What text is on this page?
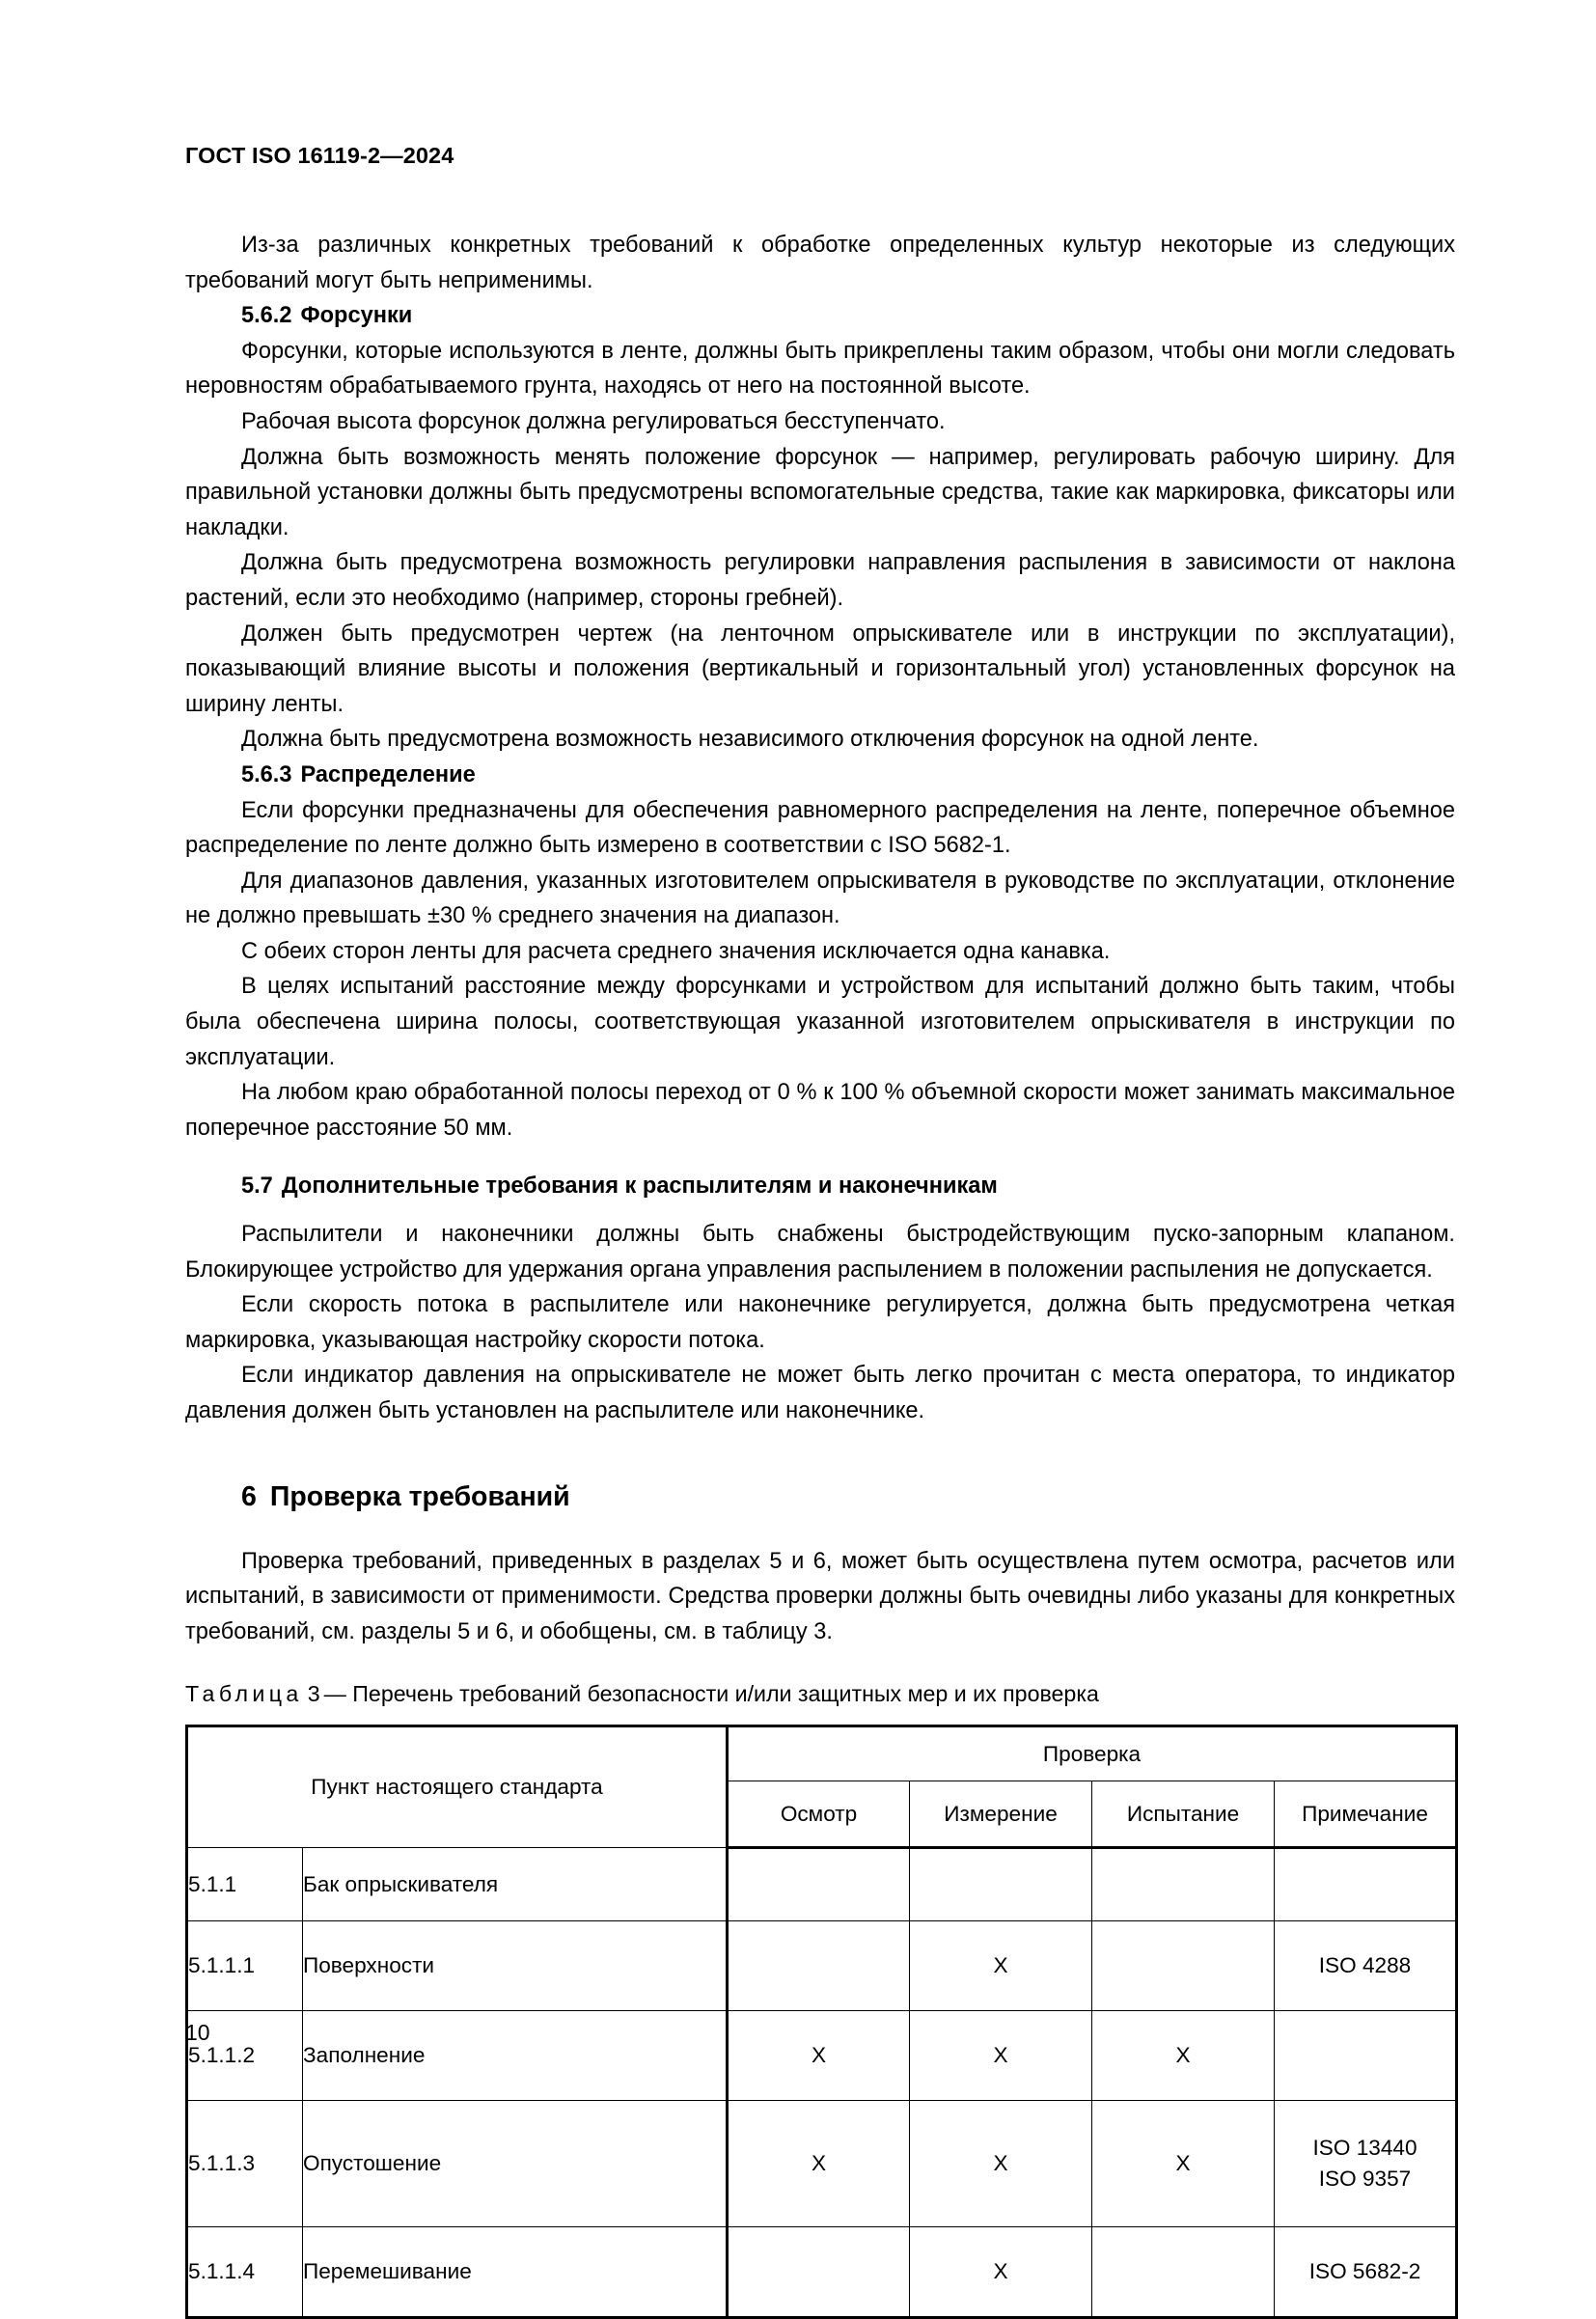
ГОСТ ISO 16119-2—2024

Из-за различных конкретных требований к обработке определенных культур некоторые из следующих требований могут быть неприменимы.

5.6.2 Форсунки

Форсунки, которые используются в ленте, должны быть прикреплены таким образом, чтобы они могли следовать неровностям обрабатываемого грунта, находясь от него на постоянной высоте.

Рабочая высота форсунок должна регулироваться бесступенчато.

Должна быть возможность менять положение форсунок — например, регулировать рабочую ширину. Для правильной установки должны быть предусмотрены вспомогательные средства, такие как маркировка, фиксаторы или накладки.

Должна быть предусмотрена возможность регулировки направления распыления в зависимости от наклона растений, если это необходимо (например, стороны гребней).

Должен быть предусмотрен чертеж (на ленточном опрыскивателе или в инструкции по эксплуатации), показывающий влияние высоты и положения (вертикальный и горизонтальный угол) установленных форсунок на ширину ленты.

Должна быть предусмотрена возможность независимого отключения форсунок на одной ленте.

5.6.3 Распределение

Если форсунки предназначены для обеспечения равномерного распределения на ленте, поперечное объемное распределение по ленте должно быть измерено в соответствии с ISO 5682-1.

Для диапазонов давления, указанных изготовителем опрыскивателя в руководстве по эксплуатации, отклонение не должно превышать ±30 % среднего значения на диапазон.

С обеих сторон ленты для расчета среднего значения исключается одна канавка.

В целях испытаний расстояние между форсунками и устройством для испытаний должно быть таким, чтобы была обеспечена ширина полосы, соответствующая указанной изготовителем опрыскивателя в инструкции по эксплуатации.

На любом краю обработанной полосы переход от 0 % к 100 % объемной скорости может занимать максимальное поперечное расстояние 50 мм.

5.7 Дополнительные требования к распылителям и наконечникам

Распылители и наконечники должны быть снабжены быстродействующим пуско-запорным клапаном. Блокирующее устройство для удержания органа управления распылением в положении распыления не допускается.

Если скорость потока в распылителе или наконечнике регулируется, должна быть предусмотрена четкая маркировка, указывающая настройку скорости потока.

Если индикатор давления на опрыскивателе не может быть легко прочитан с места оператора, то индикатор давления должен быть установлен на распылителе или наконечнике.

6 Проверка требований

Проверка требований, приведенных в разделах 5 и 6, может быть осуществлена путем осмотра, расчетов или испытаний, в зависимости от применимости. Средства проверки должны быть очевидны либо указаны для конкретных требований, см. разделы 5 и 6, и обобщены, см. в таблицу 3.

Таблица 3 — Перечень требований безопасности и/или защитных мер и их проверка

Пункт настоящего стандарта		Проверка			
		Осмотр	Измерение	Испытание	Примечание
5.1.1	Бак опрыскивателя				
5.1.1.1	Поверхности		X		ISO 4288
5.1.1.2	Заполнение	X	X	X	
5.1.1.3	Опустошение	X	X	X	ISO 13440
ISO 9357

5.1.1.4	Перемешивание		X		ISO 5682-2
10
